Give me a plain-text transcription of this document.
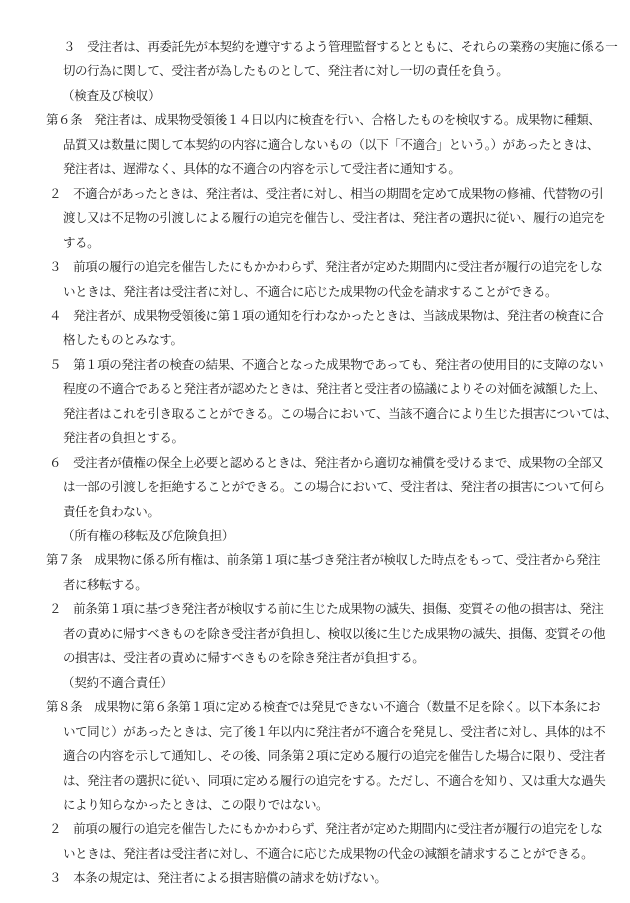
３　受注者は、再委託先が本契約を遵守するよう管理監督するとともに、それらの業務の実施に係る一
切の行為に関して、受注者が為したものとして、発注者に対し一切の責任を負う。
（検査及び検収）
第６条　発注者は、成果物受領後１４日以内に検査を行い、合格したものを検収する。成果物に種類、
品質又は数量に関して本契約の内容に適合しないもの（以下「不適合」という。）があったときは、
発注者は、遅滞なく、具体的な不適合の内容を示して受注者に通知する。
２　不適合があったときは、発注者は、受注者に対し、相当の期間を定めて成果物の修補、代替物の引
渡し又は不足物の引渡しによる履行の追完を催告し、受注者は、発注者の選択に従い、履行の追完を
する。
３　前項の履行の追完を催告したにもかかわらず、発注者が定めた期間内に受注者が履行の追完をしな
いときは、発注者は受注者に対し、不適合に応じた成果物の代金を請求することができる。
４　発注者が、成果物受領後に第１項の通知を行わなかったときは、当該成果物は、発注者の検査に合
格したものとみなす。
５　第１項の発注者の検査の結果、不適合となった成果物であっても、発注者の使用目的に支障のない
程度の不適合であると発注者が認めたときは、発注者と受注者の協議によりその対価を減額した上、
発注者はこれを引き取ることができる。この場合において、当該不適合により生じた損害については、
発注者の負担とする。
６　受注者が債権の保全上必要と認めるときは、発注者から適切な補償を受けるまで、成果物の全部又
は一部の引渡しを拒絶することができる。この場合において、受注者は、発注者の損害について何ら
責任を負わない。
（所有権の移転及び危険負担）
第７条　成果物に係る所有権は、前条第１項に基づき発注者が検収した時点をもって、受注者から発注
者に移転する。
２　前条第１項に基づき発注者が検収する前に生じた成果物の滅失、損傷、変質その他の損害は、発注
者の責めに帰すべきものを除き受注者が負担し、検収以後に生じた成果物の滅失、損傷、変質その他
の損害は、受注者の責めに帰すべきものを除き発注者が負担する。
（契約不適合責任）
第８条　成果物に第６条第１項に定める検査では発見できない不適合（数量不足を除く。以下本条にお
いて同じ）があったときは、完了後１年以内に発注者が不適合を発見し、受注者に対し、具体的は不
適合の内容を示して通知し、その後、同条第２項に定める履行の追完を催告した場合に限り、受注者
は、発注者の選択に従い、同項に定める履行の追完をする。ただし、不適合を知り、又は重大な過失
により知らなかったときは、この限りではない。
２　前項の履行の追完を催告したにもかかわらず、発注者が定めた期間内に受注者が履行の追完をしな
いときは、発注者は受注者に対し、不適合に応じた成果物の代金の減額を請求することができる。
３　本条の規定は、発注者による損害賠償の請求を妨げない。
